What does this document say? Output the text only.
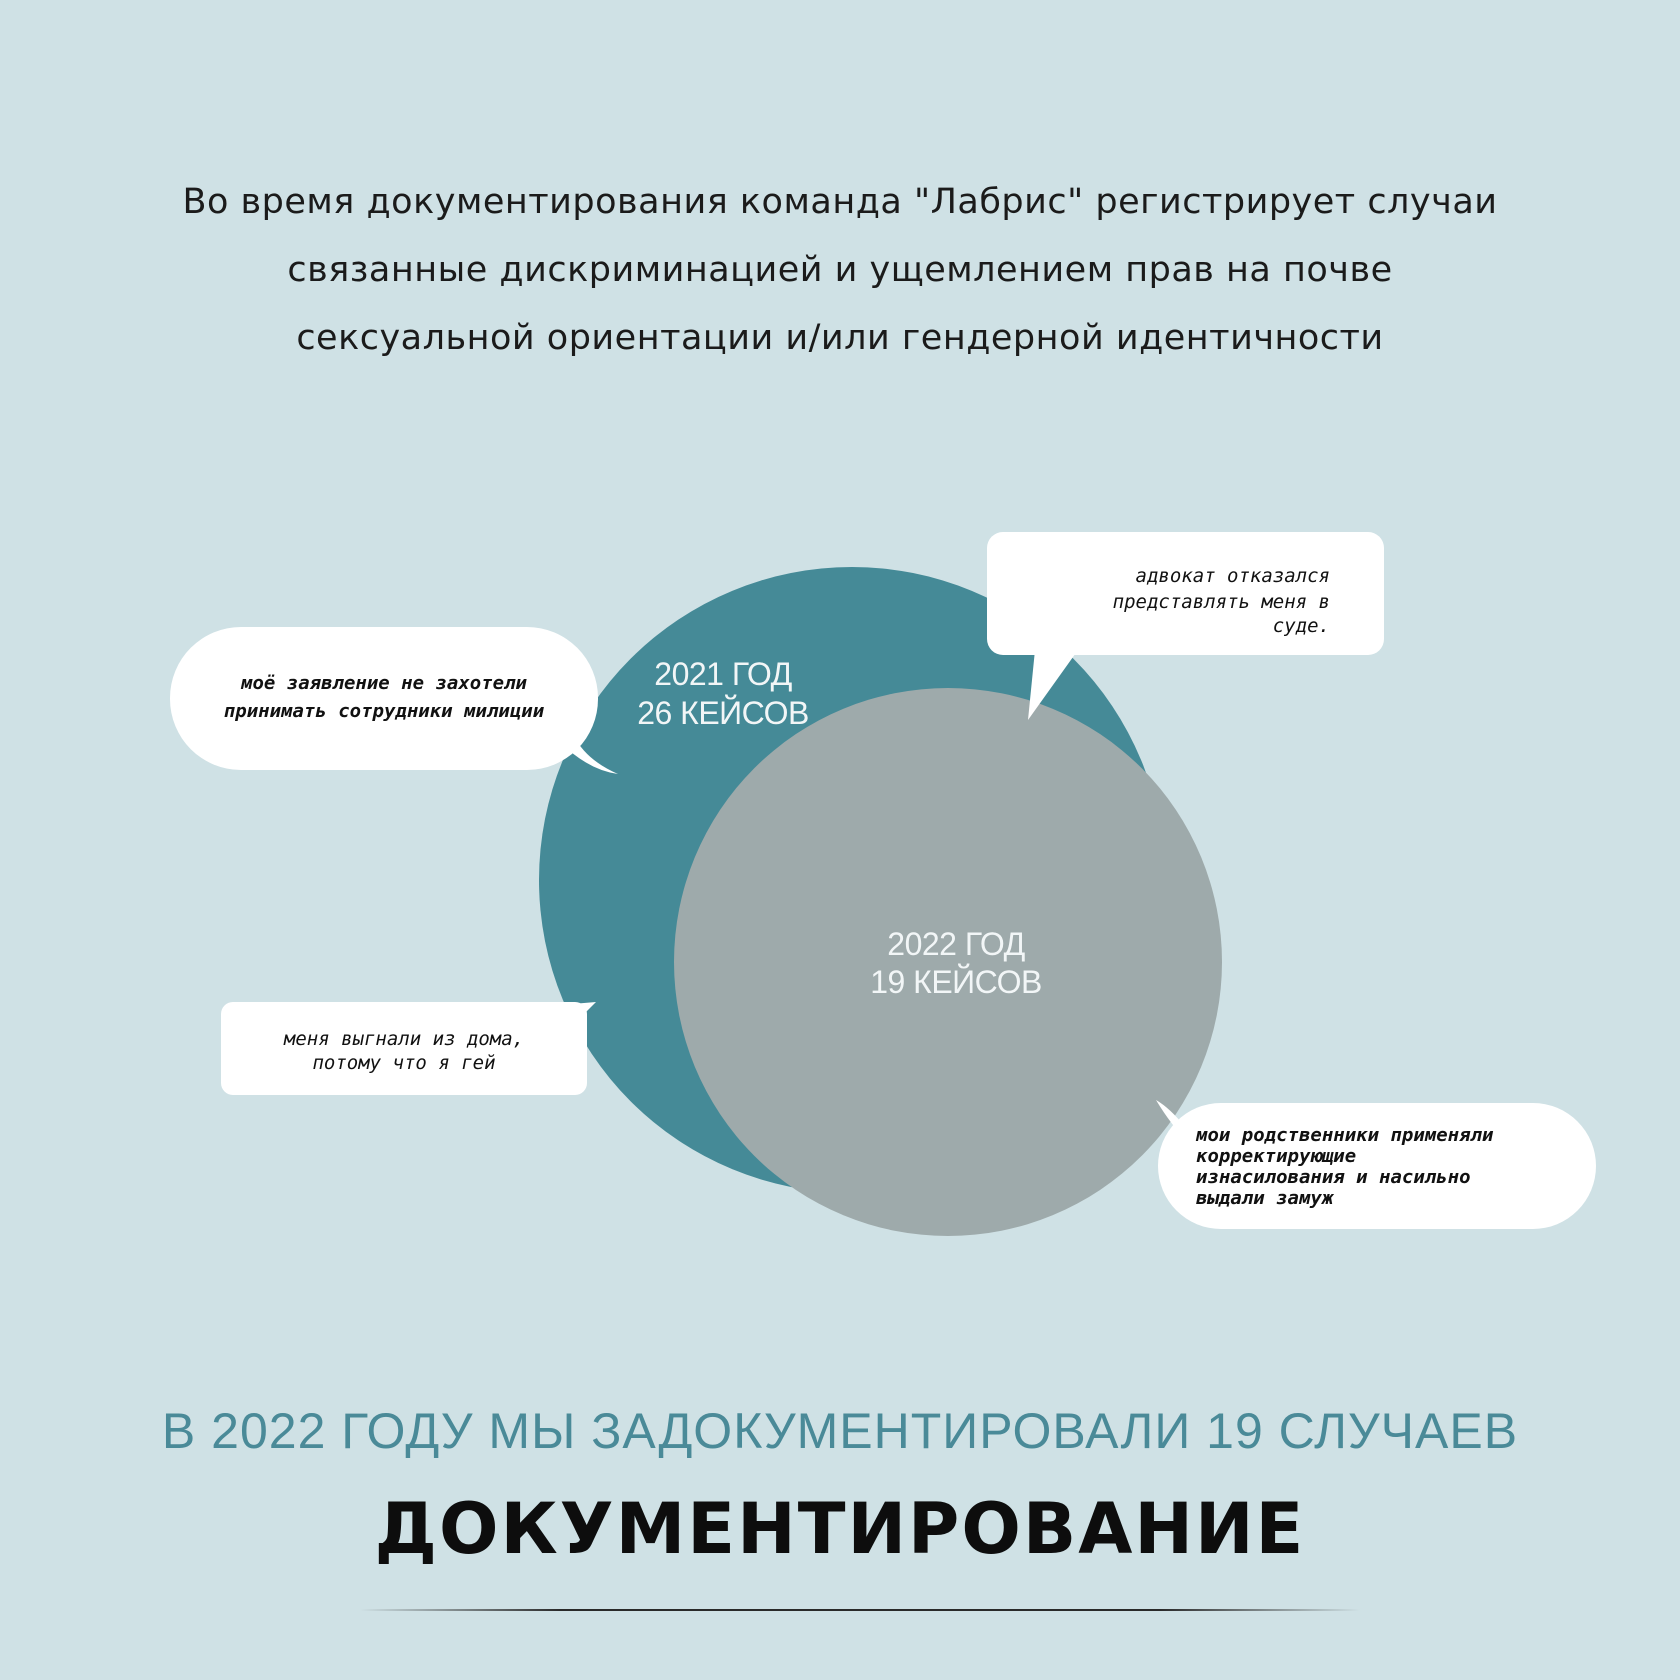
Во время документирования команда "Лабрис" регистрирует случаи
связанные дискриминацией и ущемлением прав на почве
сексуальной ориентации и/или гендерной идентичности
2021 ГОД
26 КЕЙСОВ
2022 ГОД
19 КЕЙСОВ
моё заявление не захотели
принимать сотрудники милиции
адвокат отказался
представлять меня в
суде.
меня выгнали из дома,
потому что я гей
мои родственники применяли
корректирующие
изнасилования и насильно
выдали замуж
В 2022 ГОДУ МЫ ЗАДОКУМЕНТИРОВАЛИ 19 СЛУЧАЕВ
ДОКУМЕНТИРОВАНИЕ
